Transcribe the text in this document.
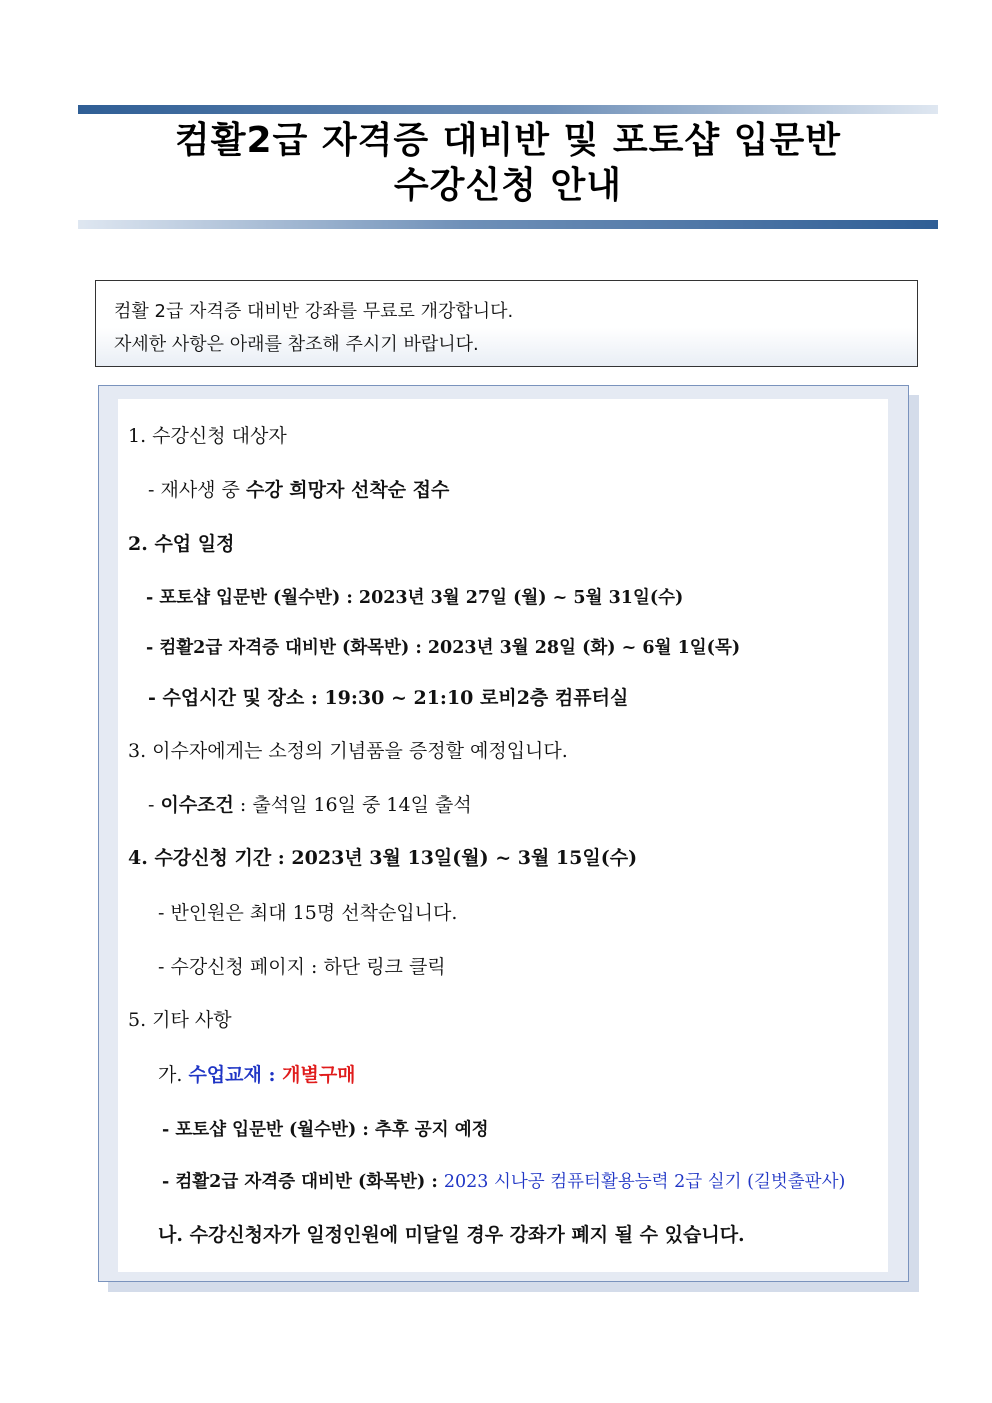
컴활2급 자격증 대비반 및 포토샵 입문반
수강신청 안내
컴활 2급 자격증 대비반 강좌를 무료로 개강합니다.
자세한 사항은 아래를 참조해 주시기 바랍니다.
1. 수강신청 대상자
- 재사생 중 수강 희망자 선착순 접수
2. 수업 일정
- 포토샵 입문반 (월수반) : 2023년 3월 27일 (월) ~ 5월 31일(수)
- 컴활2급 자격증 대비반 (화목반) : 2023년 3월 28일 (화) ~ 6월 1일(목)
- 수업시간 및 장소 : 19:30 ~ 21:10 로비2층 컴퓨터실
3. 이수자에게는 소정의 기념품을 증정할 예정입니다.
- 이수조건 : 출석일 16일 중 14일 출석
4. 수강신청 기간 : 2023년 3월 13일(월) ~ 3월 15일(수)
- 반인원은 최대 15명 선착순입니다.
- 수강신청 페이지 : 하단 링크 클릭
5. 기타 사항
가. 수업교재 : 개별구매
- 포토샵 입문반 (월수반) : 추후 공지 예정
- 컴활2급 자격증 대비반 (화목반) : 2023 시나공 컴퓨터활용능력 2급 실기 (길벗출판사)
나. 수강신청자가 일정인원에 미달일 경우 강좌가 폐지 될 수 있습니다.
